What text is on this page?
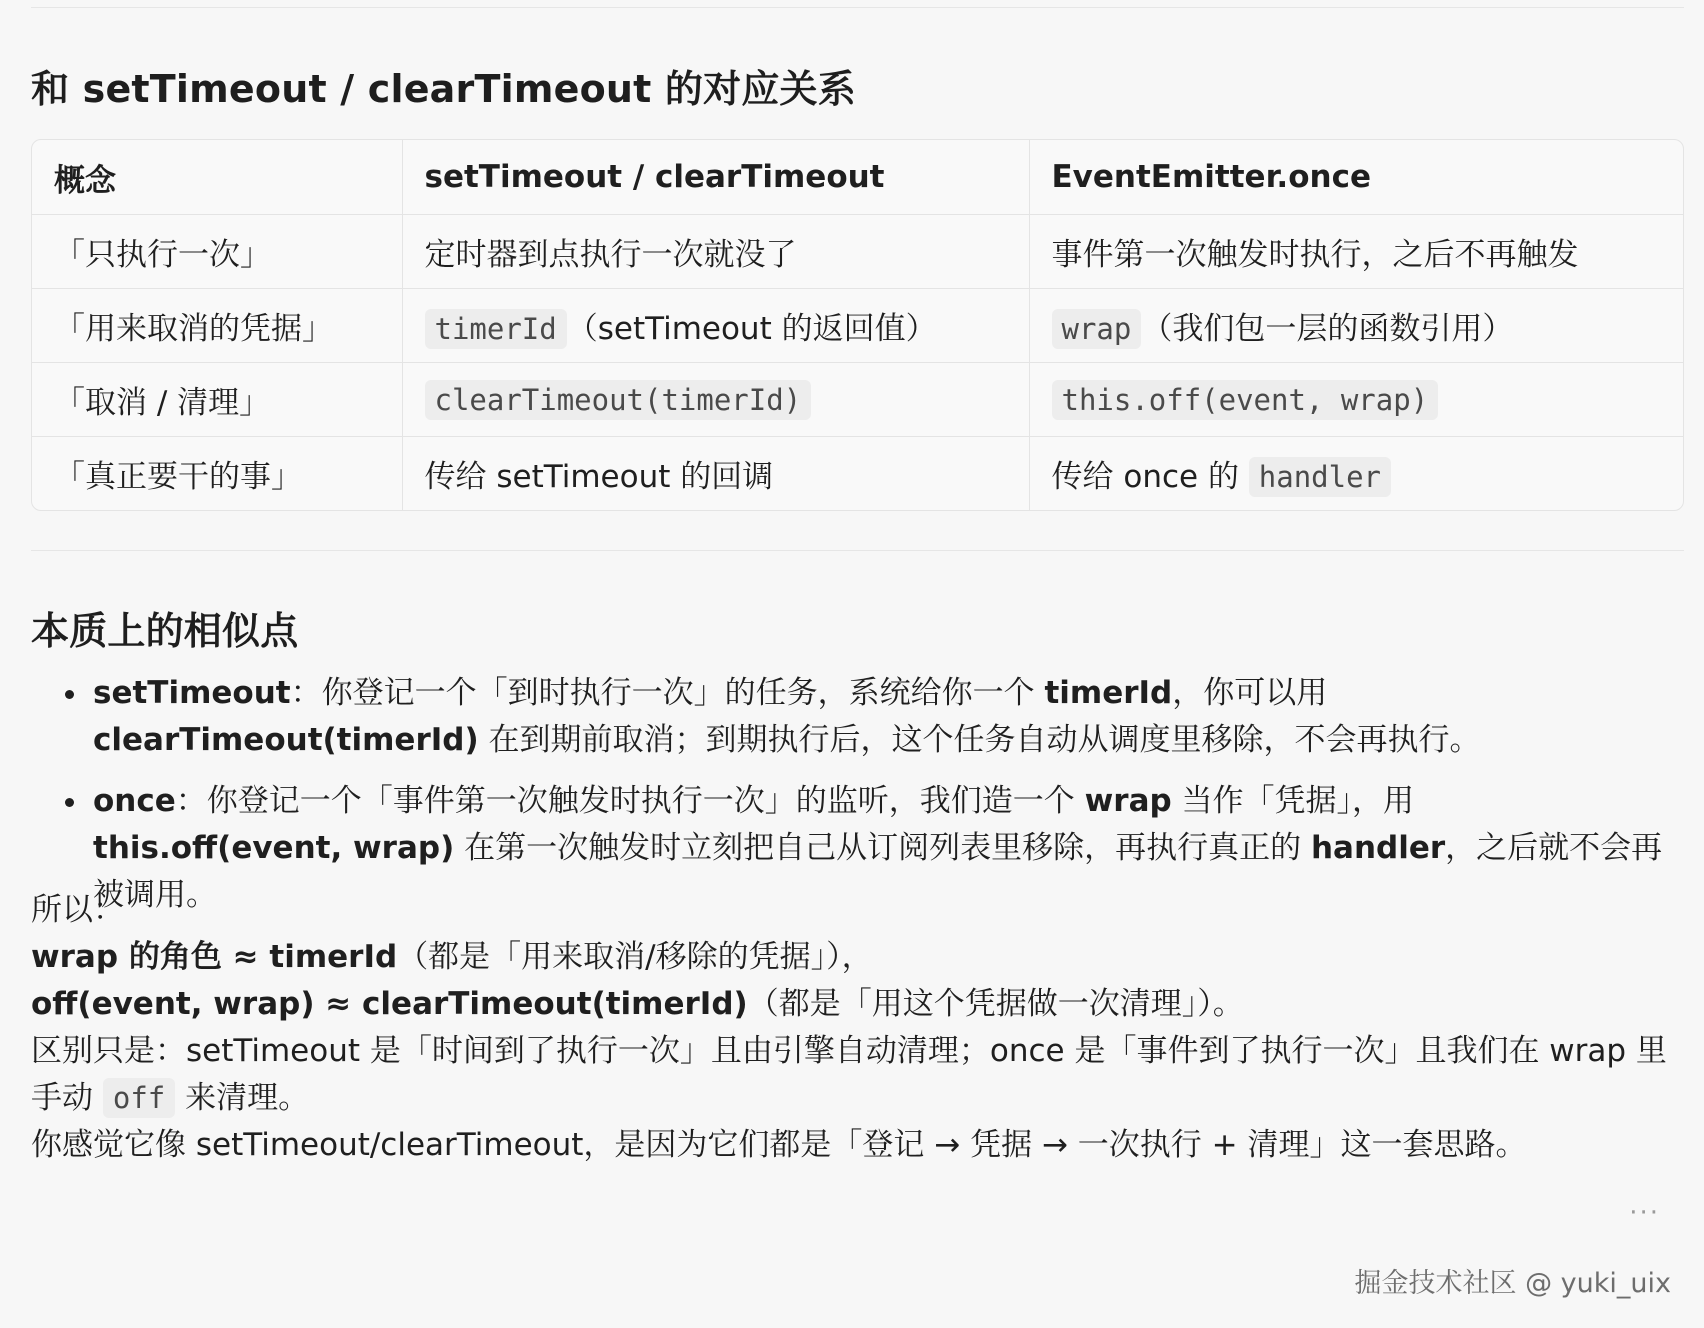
和 setTimeout / clearTimeout 的对应关系
概念	setTimeout / clearTimeout	EventEmitter.once
「只执行一次」	定时器到点执行一次就没了	事件第一次触发时执行，之后不再触发
「用来取消的凭据」	timerId （setTimeout 的返回值）	wrap （我们包一层的函数引用）
「取消 / 清理」	clearTimeout(timerId)	this.off(event, wrap)
「真正要干的事」	传给 setTimeout 的回调	传给 once 的 handler
本质上的相似点
setTimeout：你登记一个「到时执行一次」的任务，系统给你一个 timerId，你可以用 clearTimeout(timerId) 在到期前取消；到期执行后，这个任务自动从调度里移除，不会再执行。
once：你登记一个「事件第一次触发时执行一次」的监听，我们造一个 wrap 当作「凭据」，用 this.off(event, wrap) 在第一次触发时立刻把自己从订阅列表里移除，再执行真正的 handler，之后就不会再被调用。
所以：
wrap 的角色 ≈ timerId（都是「用来取消/移除的凭据」），
off(event, wrap) ≈ clearTimeout(timerId)（都是「用这个凭据做一次清理」）。
区别只是：setTimeout 是「时间到了执行一次」且由引擎自动清理；once 是「事件到了执行一次」且我们在 wrap 里手动 off 来清理。
你感觉它像 setTimeout/clearTimeout，是因为它们都是「登记 → 凭据 → 一次执行 + 清理」这一套思路。
···
掘金技术社区 @ yuki_uix
